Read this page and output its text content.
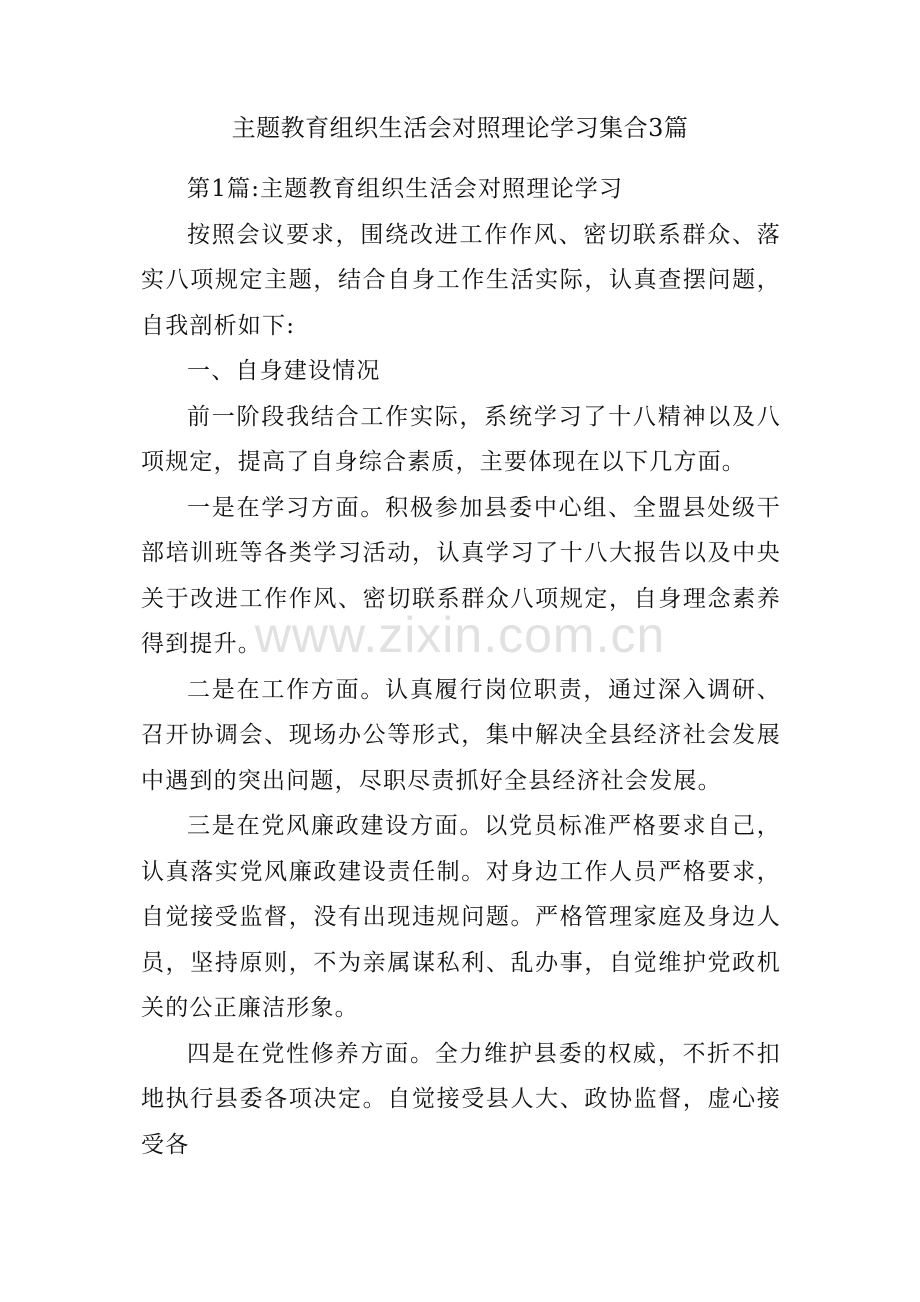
主题教育组织生活会对照理论学习集合3篇

第1篇:主题教育组织生活会对照理论学习

按照会议要求，围绕改进工作作风、密切联系群众、落实八项规定主题，结合自身工作生活实际，认真查摆问题，自我剖析如下:

一、自身建设情况

前一阶段我结合工作实际，系统学习了十八精神以及八项规定，提高了自身综合素质，主要体现在以下几方面。

一是在学习方面。积极参加县委中心组、全盟县处级干部培训班等各类学习活动，认真学习了十八大报告以及中央关于改进工作作风、密切联系群众八项规定，自身理念素养得到提升。

二是在工作方面。认真履行岗位职责，通过深入调研、召开协调会、现场办公等形式，集中解决全县经济社会发展中遇到的突出问题，尽职尽责抓好全县经济社会发展。

三是在党风廉政建设方面。以党员标准严格要求自己，认真落实党风廉政建设责任制。对身边工作人员严格要求，自觉接受监督，没有出现违规问题。严格管理家庭及身边人员，坚持原则，不为亲属谋私利、乱办事，自觉维护党政机关的公正廉洁形象。

四是在党性修养方面。全力维护县委的权威，不折不扣地执行县委各项决定。自觉接受县人大、政协监督，虚心接受各

www.zixin.com.cn
